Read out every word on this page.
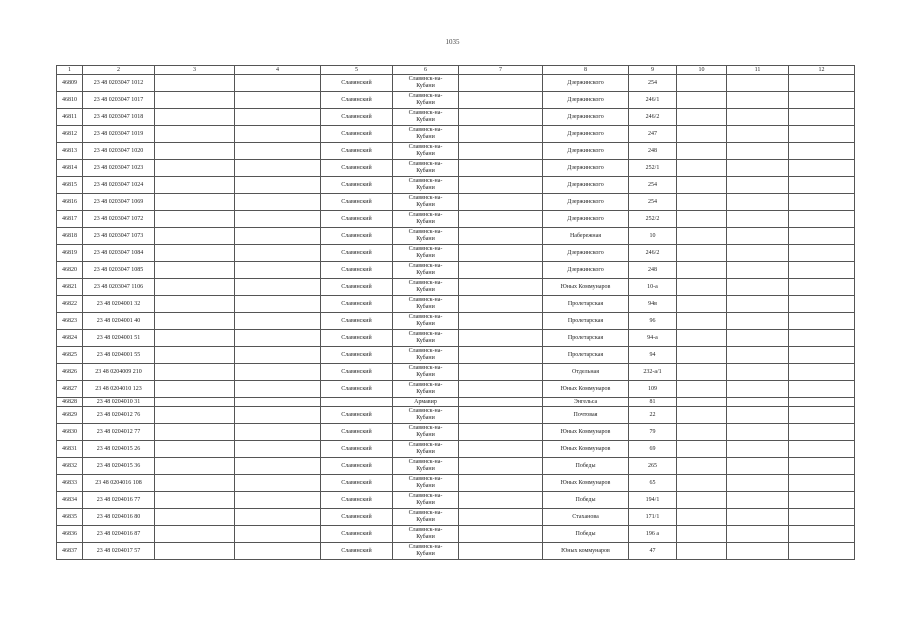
1035
1	2	3	4	5	6	7	8	9	10	11	12
46809	23 48 0203047 1012			Славянский	Славянск-на-
Кубани		Дзержинского	254			
46810	23 48 0203047 1017			Славянский	Славянск-на-
Кубани		Дзержинского	246/1			
46811	23 48 0203047 1018			Славянский	Славянск-на-
Кубани		Дзержинского	246/2			
46812	23 48 0203047 1019			Славянский	Славянск-на-
Кубани		Дзержинского	247			
46813	23 48 0203047 1020			Славянский	Славянск-на-
Кубани		Дзержинского	248			
46814	23 48 0203047 1023			Славянский	Славянск-на-
Кубани		Дзержинского	252/1			
46815	23 48 0203047 1024			Славянский	Славянск-на-
Кубани		Дзержинского	254			
46816	23 48 0203047 1069			Славянский	Славянск-на-
Кубани		Дзержинского	254			
46817	23 48 0203047 1072			Славянский	Славянск-на-
Кубани		Дзержинского	252/2			
46818	23 48 0203047 1073			Славянский	Славянск-на-
Кубани		Набережная	10			
46819	23 48 0203047 1084			Славянский	Славянск-на-
Кубани		Дзержинского	246/2			
46820	23 48 0203047 1085			Славянский	Славянск-на-
Кубани		Дзержинского	248			
46821	23 48 0203047 1106			Славянский	Славянск-на-
Кубани		Юных Коммунаров	10-а			
46822	23 48 0204001 32			Славянский	Славянск-на-
Кубани		Пролетарская	94в			
46823	23 48 0204001 40			Славянский	Славянск-на-
Кубани		Пролетарская	96			
46824	23 48 0204001 51			Славянский	Славянск-на-
Кубани		Пролетарская	94-а			
46825	23 48 0204001 55			Славянский	Славянск-на-
Кубани		Пролетарская	94			
46826	23 48 0204009 210			Славянский	Славянск-на-
Кубани		Отдельная	232-а/1			
46827	23 48 0204010 123			Славянский	Славянск-на-
Кубани		Юных Коммунаров	109			
46828	23 48 0204010 31				Армавир		Энгельса	81			
46829	23 48 0204012 76			Славянский	Славянск-на-
Кубани		Почтовая	22			
46830	23 48 0204012 77			Славянский	Славянск-на-
Кубани		Юных Коммунаров	79			
46831	23 48 0204015 26			Славянский	Славянск-на-
Кубани		Юных Коммунаров	69			
46832	23 48 0204015 36			Славянский	Славянск-на-
Кубани		Победы	265			
46833	23 48 0204016 108			Славянский	Славянск-на-
Кубани		Юных Коммунаров	65			
46834	23 48 0204016 77			Славянский	Славянск-на-
Кубани		Победы	194/1			
46835	23 48 0204016 80			Славянский	Славянск-на-
Кубани		Стаханова	171/1			
46836	23 48 0204016 87			Славянский	Славянск-на-
Кубани		Победы	196 а			
46837	23 48 0204017 57			Славянский	Славянск-на-
Кубани		Юных коммунаров	47			
